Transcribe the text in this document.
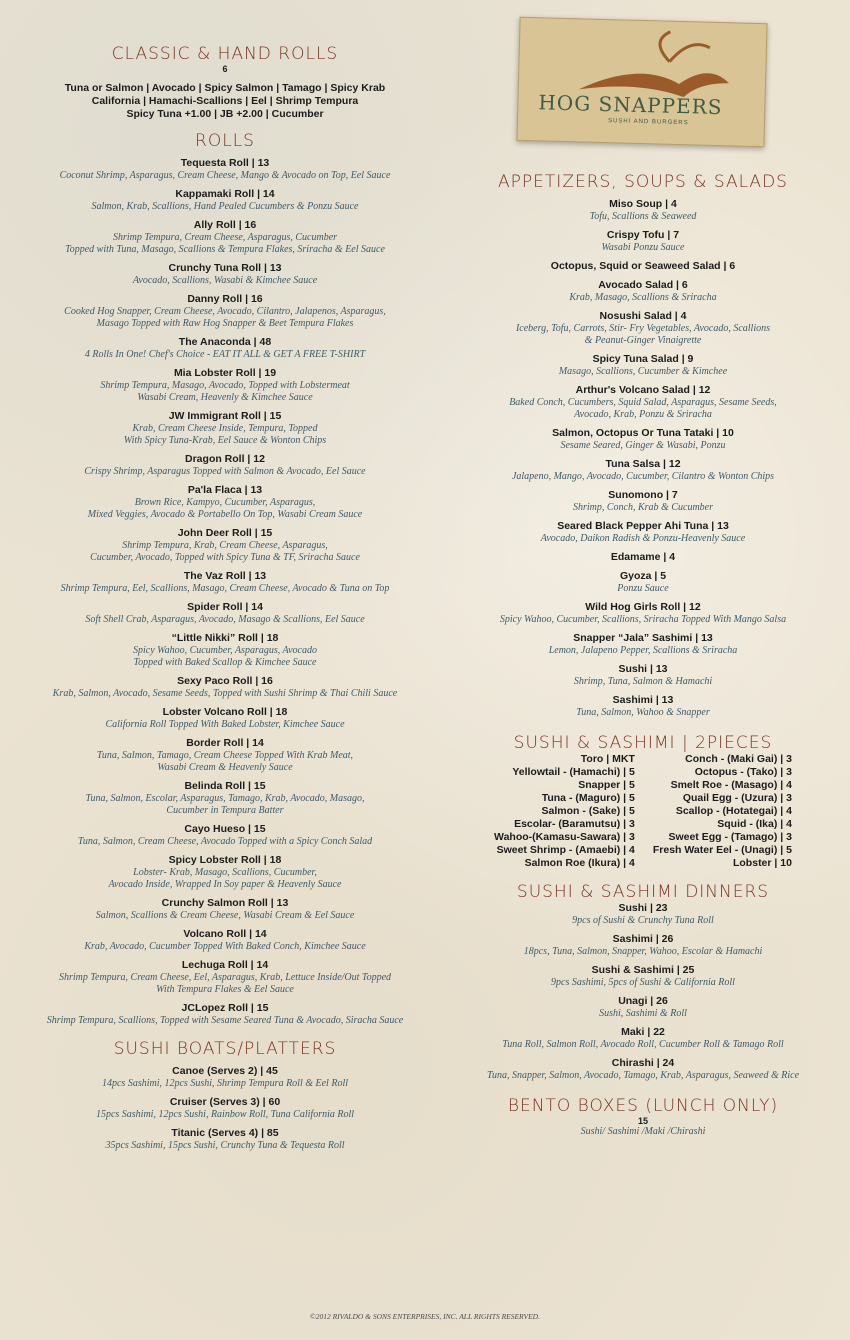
HOG SNAPPERS
SUSHI AND BURGERS
CLASSIC & HAND ROLLS
6

Tuna or Salmon | Avocado | Spicy Salmon | Tamago | Spicy Krab

California | Hamachi-Scallions | Eel | Shrimp Tempura

Spicy Tuna +1.00 | JB +2.00 | Cucumber

ROLLS
Tequesta Roll | 13
Coconut Shrimp, Asparagus, Cream Cheese, Mango & Avocado on Top, Eel Sauce
Kappamaki Roll | 14
Salmon, Krab, Scallions, Hand Pealed Cucumbers & Ponzu Sauce
Ally Roll | 16
Shrimp Tempura, Cream Cheese, Asparagus, Cucumber
Topped with Tuna, Masago, Scallions & Tempura Flakes, Sriracha & Eel Sauce
Crunchy Tuna Roll | 13
Avocado, Scallions, Wasabi & Kimchee Sauce
Danny Roll | 16
Cooked Hog Snapper, Cream Cheese, Avocado, Cilantro, Jalapenos, Asparagus,
Masago Topped with Raw Hog Snapper & Beet Tempura Flakes
The Anaconda | 48
4 Rolls In One! Chef's Choice - EAT IT ALL & GET A FREE T-SHIRT
Mia Lobster Roll | 19
Shrimp Tempura, Masago, Avocado, Topped with Lobstermeat
Wasabi Cream, Heavenly & Kimchee Sauce
JW Immigrant Roll | 15
Krab, Cream Cheese Inside, Tempura, Topped
With Spicy Tuna-Krab, Eel Sauce & Wonton Chips
Dragon Roll | 12
Crispy Shrimp, Asparagus Topped with Salmon & Avocado, Eel Sauce
Pa'la Flaca | 13
Brown Rice, Kampyo, Cucumber, Asparagus,
Mixed Veggies, Avocado & Portabello On Top, Wasabi Cream Sauce
John Deer Roll | 15
Shrimp Tempura, Krab, Cream Cheese, Asparagus,
Cucumber, Avocado, Topped with Spicy Tuna & TF, Sriracha Sauce
The Vaz Roll | 13
Shrimp Tempura, Eel, Scallions, Masago, Cream Cheese, Avocado & Tuna on Top
Spider Roll | 14
Soft Shell Crab, Asparagus, Avocado, Masago & Scallions, Eel Sauce
“Little Nikki” Roll | 18
Spicy Wahoo, Cucumber, Asparagus, Avocado
Topped with Baked Scallop & Kimchee Sauce
Sexy Paco Roll | 16
Krab, Salmon, Avocado, Sesame Seeds, Topped with Sushi Shrimp & Thai Chili Sauce
Lobster Volcano Roll | 18
California Roll Topped With Baked Lobster, Kimchee Sauce
Border Roll | 14
Tuna, Salmon, Tamago, Cream Cheese Topped With Krab Meat,
Wasabi Cream & Heavenly Sauce
Belinda Roll | 15
Tuna, Salmon, Escolar, Asparagus, Tamago, Krab, Avocado, Masago,
Cucumber in Tempura Batter
Cayo Hueso | 15
Tuna, Salmon, Cream Cheese, Avocado Topped with a Spicy Conch Salad
Spicy Lobster Roll | 18
Lobster- Krab, Masago, Scallions, Cucumber,
Avocado Inside, Wrapped In Soy paper & Heavenly Sauce
Crunchy Salmon Roll | 13
Salmon, Scallions & Cream Cheese, Wasabi Cream & Eel Sauce
Volcano Roll | 14
Krab, Avocado, Cucumber Topped With Baked Conch, Kimchee Sauce
Lechuga Roll | 14
Shrimp Tempura, Cream Cheese, Eel, Asparagus, Krab, Lettuce Inside/Out Topped
With Tempura Flakes & Eel Sauce
JCLopez Roll | 15
Shrimp Tempura, Scallions, Topped with Sesame Seared Tuna & Avocado, Siracha Sauce
SUSHI BOATS/PLATTERS
Canoe (Serves 2) | 45
14pcs Sashimi, 12pcs Sushi, Shrimp Tempura Roll & Eel Roll
Cruiser (Serves 3) | 60
15pcs Sashimi, 12pcs Sushi, Rainbow Roll, Tuna California Roll
Titanic (Serves 4) | 85
35pcs Sashimi, 15pcs Sushi, Crunchy Tuna & Tequesta Roll
APPETIZERS, SOUPS & SALADS
Miso Soup | 4
Tofu, Scallions & Seaweed
Crispy Tofu | 7
Wasabi Ponzu Sauce
Octopus, Squid or Seaweed Salad | 6
Avocado Salad | 6
Krab, Masago, Scallions & Sriracha
Nosushi Salad | 4
Iceberg, Tofu, Carrots, Stir- Fry Vegetables, Avocado, Scallions
& Peanut-Ginger Vinaigrette
Spicy Tuna Salad | 9
Masago, Scallions, Cucumber & Kimchee
Arthur's Volcano Salad | 12
Baked Conch, Cucumbers, Squid Salad, Asparagus, Sesame Seeds,
Avocado, Krab, Ponzu & Sriracha
Salmon, Octopus Or Tuna Tataki | 10
Sesame Seared, Ginger & Wasabi, Ponzu
Tuna Salsa | 12
Jalapeno, Mango, Avocado, Cucumber, Cilantro & Wonton Chips
Sunomono | 7
Shrimp, Conch, Krab & Cucumber
Seared Black Pepper Ahi Tuna | 13
Avocado, Daikon Radish & Ponzu-Heavenly Sauce
Edamame | 4
Gyoza | 5
Ponzu Sauce
Wild Hog Girls Roll | 12
Spicy Wahoo, Cucumber, Scallions, Sriracha Topped With Mango Salsa
Snapper “Jala” Sashimi | 13
Lemon, Jalapeno Pepper, Scallions & Sriracha
Sushi | 13
Shrimp, Tuna, Salmon & Hamachi
Sashimi | 13
Tuna, Salmon, Wahoo & Snapper
SUSHI & SASHIMI | 2PIECES
Toro | MKT
Yellowtail - (Hamachi) | 5
Snapper | 5
Tuna - (Maguro) | 5
Salmon - (Sake) | 5
Escolar- (Baramutsu) | 3
Wahoo-(Kamasu-Sawara) | 3
Sweet Shrimp - (Amaebi) | 4
Salmon Roe (Ikura) | 4
Conch - (Maki Gai) | 3
Octopus - (Tako) | 3
Smelt Roe - (Masago) | 4
Quail Egg - (Uzura) | 3
Scallop - (Hotategai) | 4
Squid - (Ika) | 4
Sweet Egg - (Tamago) | 3
Fresh Water Eel - (Unagi) | 5
Lobster | 10
SUSHI & SASHIMI DINNERS
Sushi | 23
9pcs of Sushi & Crunchy Tuna Roll
Sashimi | 26
18pcs, Tuna, Salmon, Snapper, Wahoo, Escolar & Hamachi
Sushi & Sashimi | 25
9pcs Sashimi, 5pcs of Sushi & California Roll
Unagi | 26
Sushi, Sashimi & Roll
Maki | 22
Tuna Roll, Salmon Roll, Avocado Roll, Cucumber Roll & Tamago Roll
Chirashi | 24
Tuna, Snapper, Salmon, Avocado, Tamago, Krab, Asparagus, Seaweed & Rice
BENTO BOXES (LUNCH ONLY)
15
Sushi/ Sashimi /Maki /Chirashi
©2012 RIVALDO & SONS ENTERPRISES, INC. ALL RIGHTS RESERVED.
